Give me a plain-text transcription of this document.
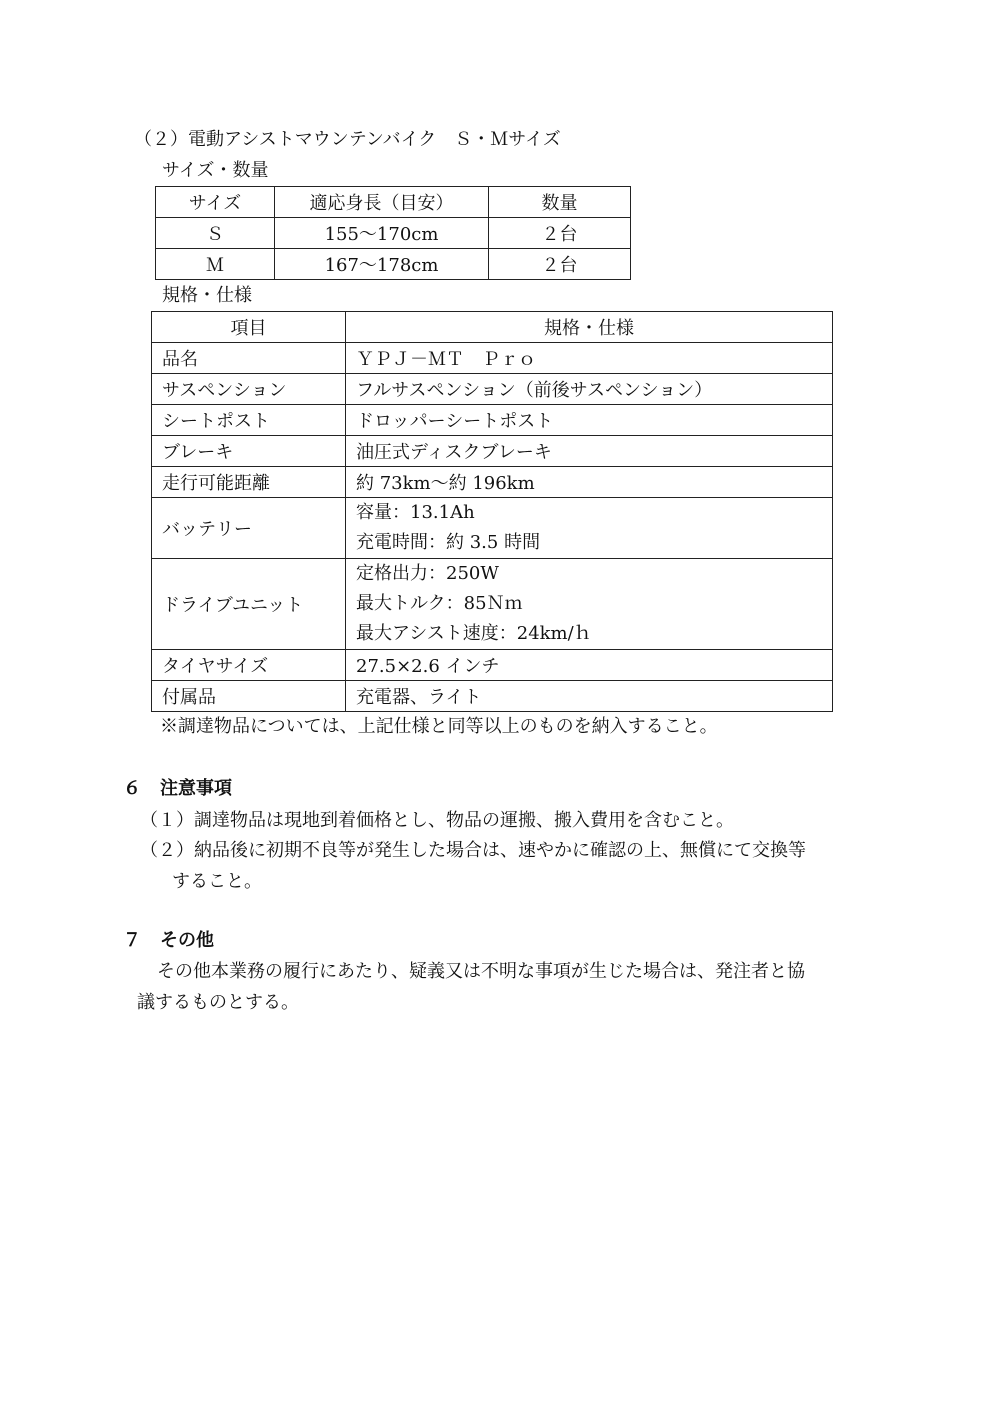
（２）電動アシストマウンテンバイク　Ｓ・Ｍサイズ
サイズ・数量
サイズ	適応身長（目安）	数量
Ｓ	155〜170cm	２台
Ｍ	167〜178cm	２台
規格・仕様
項目	規格・仕様
品名	ＹＰＪ－ＭＴ　Ｐｒｏ
サスペンション	フルサスペンション（前後サスペンション）
シートポスト	ドロッパーシートポスト
ブレーキ	油圧式ディスクブレーキ
走行可能距離	約 73km〜約 196km
バッテリー	容量：13.1Ah
充電時間：約 3.5 時間

ドライブユニット	定格出力：250W
最大トルク：85Ｎｍ
最大アシスト速度：24km/ｈ

タイヤサイズ	27.5×2.6 インチ
付属品	充電器、ライト
※調達物品については、上記仕様と同等以上のものを納入すること。
６ 注意事項
（１）調達物品は現地到着価格とし、物品の運搬、搬入費用を含むこと。
（２）納品後に初期不良等が発生した場合は、速やかに確認の上、無償にて交換等
すること。
７ その他
その他本業務の履行にあたり、疑義又は不明な事項が生じた場合は、発注者と協
議するものとする。
